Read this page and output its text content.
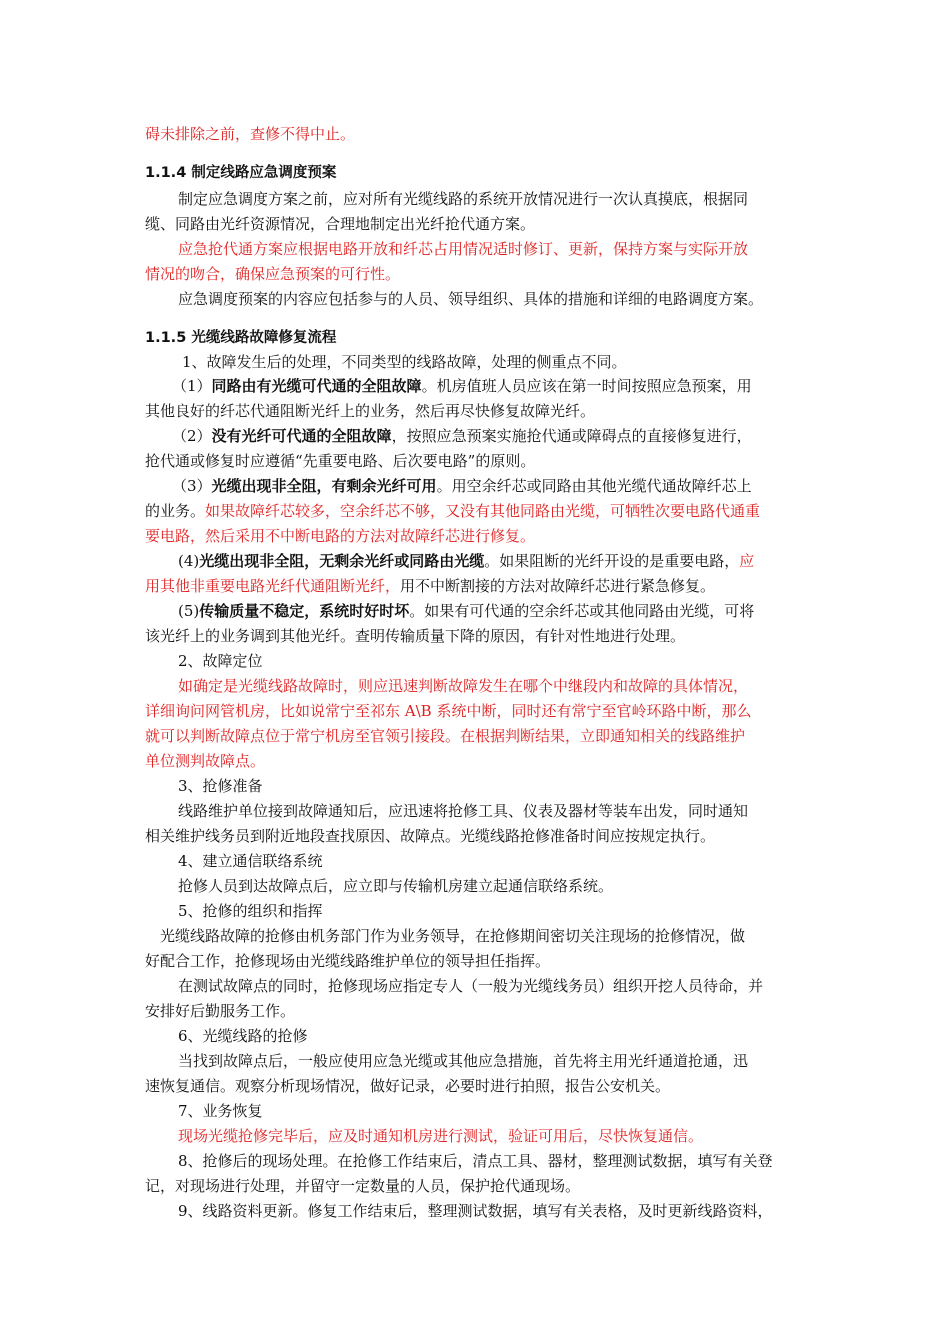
碍未排除之前，查修不得中止。
1.1.4 制定线路应急调度预案
制定应急调度方案之前，应对所有光缆线路的系统开放情况进行一次认真摸底，根据同
缆、同路由光纤资源情况，合理地制定出光纤抢代通方案。
应急抢代通方案应根据电路开放和纤芯占用情况适时修订、更新，保持方案与实际开放
情况的吻合，确保应急预案的可行性。
应急调度预案的内容应包括参与的人员、领导组织、具体的措施和详细的电路调度方案。
1.1.5 光缆线路故障修复流程
1、故障发生后的处理，不同类型的线路故障，处理的侧重点不同。
（1）同路由有光缆可代通的全阻故障。机房值班人员应该在第一时间按照应急预案，用
其他良好的纤芯代通阻断光纤上的业务，然后再尽快修复故障光纤。
（2）没有光纤可代通的全阻故障，按照应急预案实施抢代通或障碍点的直接修复进行，
抢代通或修复时应遵循“先重要电路、后次要电路”的原则。
（3）光缆出现非全阻，有剩余光纤可用。用空余纤芯或同路由其他光缆代通故障纤芯上
的业务。如果故障纤芯较多，空余纤芯不够，又没有其他同路由光缆，可牺牲次要电路代通重
要电路，然后采用不中断电路的方法对故障纤芯进行修复。
(4)光缆出现非全阻，无剩余光纤或同路由光缆。如果阻断的光纤开设的是重要电路，应
用其他非重要电路光纤代通阻断光纤，用不中断割接的方法对故障纤芯进行紧急修复。
(5)传输质量不稳定，系统时好时坏。如果有可代通的空余纤芯或其他同路由光缆，可将
该光纤上的业务调到其他光纤。查明传输质量下降的原因，有针对性地进行处理。
2、故障定位
如确定是光缆线路故障时，则应迅速判断故障发生在哪个中继段内和故障的具体情况，
详细询问网管机房，比如说常宁至祁东 A\B 系统中断，同时还有常宁至官岭环路中断，那么
就可以判断故障点位于常宁机房至官领引接段。在根据判断结果，立即通知相关的线路维护
单位测判故障点。
3、抢修准备
线路维护单位接到故障通知后，应迅速将抢修工具、仪表及器材等装车出发，同时通知
相关维护线务员到附近地段查找原因、故障点。光缆线路抢修准备时间应按规定执行。
4、建立通信联络系统
抢修人员到达故障点后，应立即与传输机房建立起通信联络系统。
5、抢修的组织和指挥
光缆线路故障的抢修由机务部门作为业务领导，在抢修期间密切关注现场的抢修情况，做
好配合工作，抢修现场由光缆线路维护单位的领导担任指挥。
在测试故障点的同时，抢修现场应指定专人（一般为光缆线务员）组织开挖人员待命，并
安排好后勤服务工作。
6、光缆线路的抢修
当找到故障点后，一般应使用应急光缆或其他应急措施，首先将主用光纤通道抢通，迅
速恢复通信。观察分析现场情况，做好记录，必要时进行拍照，报告公安机关。
7、业务恢复
现场光缆抢修完毕后，应及时通知机房进行测试，验证可用后，尽快恢复通信。
8、抢修后的现场处理。在抢修工作结束后，清点工具、器材，整理测试数据，填写有关登
记，对现场进行处理，并留守一定数量的人员，保护抢代通现场。
9、线路资料更新。修复工作结束后，整理测试数据，填写有关表格，及时更新线路资料，
